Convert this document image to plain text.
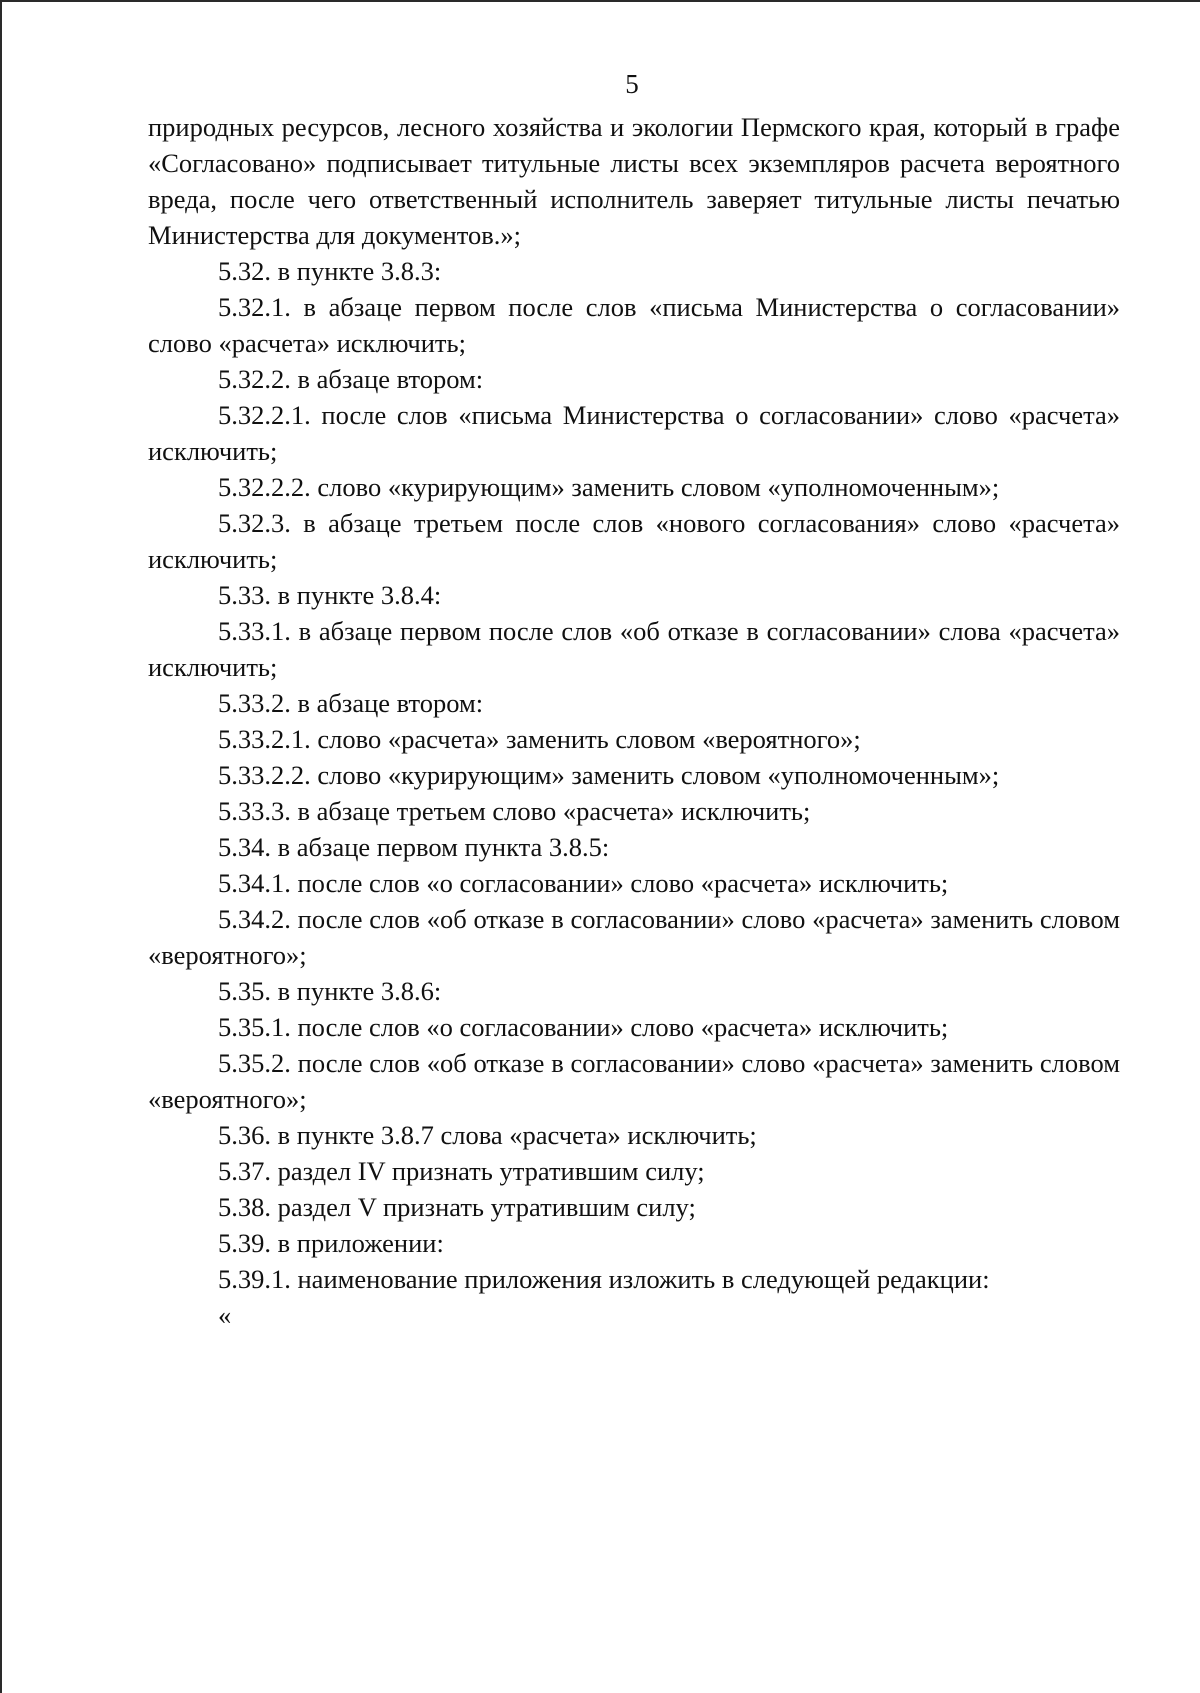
5

природных ресурсов, лесного хозяйства и экологии Пермского края, который в графе «Согласовано» подписывает титульные листы всех экземпляров расчета вероятного вреда, после чего ответственный исполнитель заверяет титульные листы печатью Министерства для документов.»;

5.32. в пункте 3.8.3:

5.32.1. в абзаце первом после слов «письма Министерства о согласовании» слово «расчета» исключить;

5.32.2. в абзаце втором:

5.32.2.1. после слов «письма Министерства о согласовании» слово «расчета» исключить;

5.32.2.2. слово «курирующим» заменить словом «уполномоченным»;

5.32.3. в абзаце третьем после слов «нового согласования» слово «расчета» исключить;

5.33. в пункте 3.8.4:

5.33.1. в абзаце первом после слов «об отказе в согласовании» слова «расчета» исключить;

5.33.2. в абзаце втором:

5.33.2.1. слово «расчета» заменить словом «вероятного»;

5.33.2.2. слово «курирующим» заменить словом «уполномоченным»;

5.33.3. в абзаце третьем слово «расчета» исключить;

5.34. в абзаце первом пункта 3.8.5:

5.34.1. после слов «о согласовании» слово «расчета» исключить;

5.34.2. после слов «об отказе в согласовании» слово «расчета» заменить словом «вероятного»;

5.35. в пункте 3.8.6:

5.35.1. после слов «о согласовании» слово «расчета» исключить;

5.35.2. после слов «об отказе в согласовании» слово «расчета» заменить словом «вероятного»;

5.36. в пункте 3.8.7 слова «расчета» исключить;

5.37. раздел IV признать утратившим силу;

5.38. раздел V признать утратившим силу;

5.39. в приложении:

5.39.1. наименование приложения изложить в следующей редакции:

«
